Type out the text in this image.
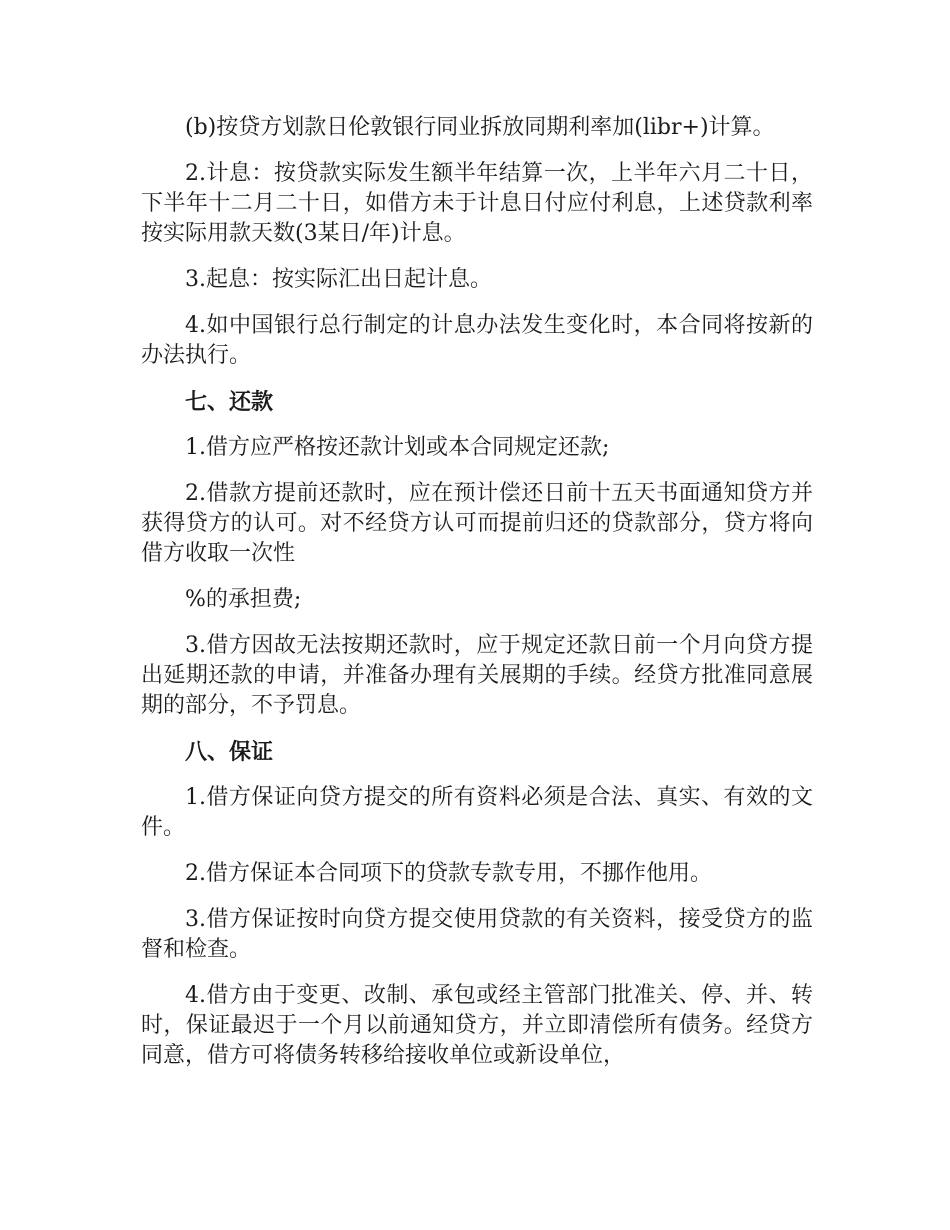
(b)按贷方划款日伦敦银行同业拆放同期利率加(libr+)计算。

2.计息：按贷款实际发生额半年结算一次，上半年六月二十日，下半年十二月二十日，如借方未于计息日付应付利息，上述贷款利率按实际用款天数(3某日/年)计息。

3.起息：按实际汇出日起计息。

4.如中国银行总行制定的计息办法发生变化时，本合同将按新的办法执行。

七、还款

1.借方应严格按还款计划或本合同规定还款;

2.借款方提前还款时，应在预计偿还日前十五天书面通知贷方并获得贷方的认可。对不经贷方认可而提前归还的贷款部分，贷方将向借方收取一次性

%的承担费;

3.借方因故无法按期还款时，应于规定还款日前一个月向贷方提出延期还款的申请，并准备办理有关展期的手续。经贷方批准同意展期的部分，不予罚息。

八、保证

1.借方保证向贷方提交的所有资料必须是合法、真实、有效的文件。

2.借方保证本合同项下的贷款专款专用，不挪作他用。

3.借方保证按时向贷方提交使用贷款的有关资料，接受贷方的监督和检查。

4.借方由于变更、改制、承包或经主管部门批准关、停、并、转时，保证最迟于一个月以前通知贷方，并立即清偿所有债务。经贷方同意，借方可将债务转移给接收单位或新设单位，
